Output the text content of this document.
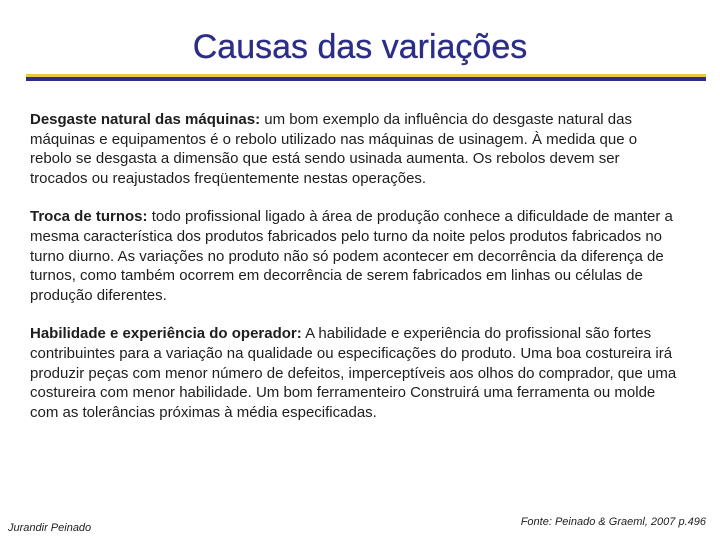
Causas das variações

Desgaste natural das máquinas: um bom exemplo da influência do desgaste natural das máquinas e equipamentos é o rebolo utilizado nas máquinas de usinagem. À medida que o rebolo se desgasta a dimensão que está sendo usinada aumenta. Os rebolos devem ser trocados ou reajustados freqüentemente nestas operações.

Troca de turnos: todo profissional ligado à área de produção conhece a dificuldade de manter a mesma característica dos produtos fabricados pelo turno da noite pelos produtos fabricados no turno diurno. As variações no produto não só podem acontecer em decorrência da diferença de turnos, como também ocorrem em decorrência de serem fabricados em linhas ou células de produção diferentes.

Habilidade e experiência do operador: A habilidade e experiência do profissional são fortes contribuintes para a variação na qualidade ou especificações do produto. Uma boa costureira irá produzir peças com menor número de defeitos, imperceptíveis aos olhos do comprador, que uma costureira com menor habilidade. Um bom ferramenteiro Construirá uma ferramenta ou molde com as tolerâncias próximas à média especificadas.

Jurandir Peinado	Fonte: Peinado & Graeml, 2007 p.496
